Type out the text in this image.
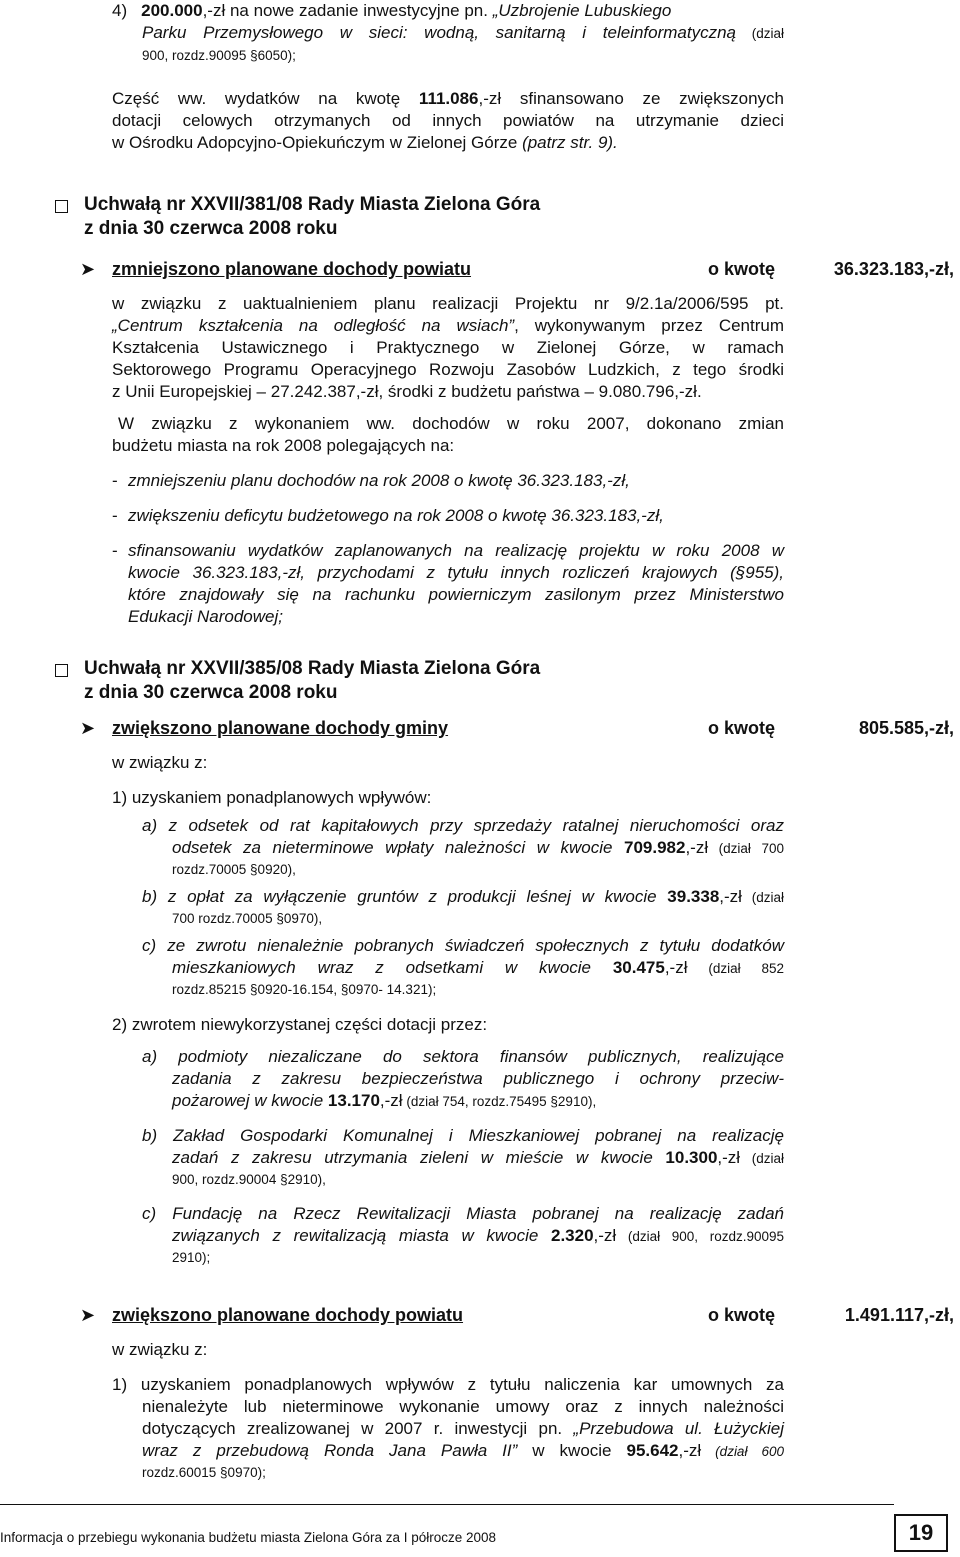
4) 200.000,-zł na nowe zadanie inwestycyjne pn. „Uzbrojenie Lubuskiego
Parku Przemysłowego w sieci: wodną, sanitarną i teleinformatyczną (dział
900, rozdz.90095 §6050);
Część ww. wydatków na kwotę 111.086,-zł sfinansowano ze zwiększonych
dotacji celowych otrzymanych od innych powiatów na utrzymanie dzieci
w Ośrodku Adopcyjno-Opiekuńczym w Zielonej Górze (patrz str. 9).
Uchwałą nr XXVII/381/08 Rady Miasta Zielona Góra
z dnia 30 czerwca 2008 roku
➤ zmniejszono planowane dochody powiatu	o kwotę	36.323.183,-zł,
w związku z uaktualnieniem planu realizacji Projektu nr 9/2.1a/2006/595 pt.
„Centrum kształcenia na odległość na wsiach”, wykonywanym przez Centrum
Kształcenia Ustawicznego i Praktycznego w Zielonej Górze, w ramach
Sektorowego Programu Operacyjnego Rozwoju Zasobów Ludzkich, z tego środki
z Unii Europejskiej – 27.242.387,-zł, środki z budżetu państwa – 9.080.796,-zł.
W związku z wykonaniem ww. dochodów w roku 2007, dokonano zmian
budżetu miasta na rok 2008 polegających na:
- zmniejszeniu planu dochodów na rok 2008 o kwotę 36.323.183,-zł,
- zwiększeniu deficytu budżetowego na rok 2008 o kwotę 36.323.183,-zł,
- sfinansowaniu wydatków zaplanowanych na realizację projektu w roku 2008 w
kwocie 36.323.183,-zł, przychodami z tytułu innych rozliczeń krajowych (§955),
które znajdowały się na rachunku powierniczym zasilonym przez Ministerstwo
Edukacji Narodowej;
Uchwałą nr XXVII/385/08 Rady Miasta Zielona Góra
z dnia 30 czerwca 2008 roku
➤ zwiększono planowane dochody gminy	o kwotę	805.585,-zł,
w związku z:
1) uzyskaniem ponadplanowych wpływów:
a) z odsetek od rat kapitałowych przy sprzedaży ratalnej nieruchomości oraz
odsetek za nieterminowe wpłaty należności w kwocie 709.982,-zł (dział 700
rozdz.70005 §0920),
b) z opłat za wyłączenie gruntów z produkcji leśnej w kwocie 39.338,-zł (dział
700 rozdz.70005 §0970),
c) ze zwrotu nienależnie pobranych świadczeń społecznych z tytułu dodatków
mieszkaniowych wraz z odsetkami w kwocie 30.475,-zł (dział 852
rozdz.85215 §0920-16.154, §0970- 14.321);
2) zwrotem niewykorzystanej części dotacji przez:
a) podmioty niezaliczane do sektora finansów publicznych, realizujące
zadania z zakresu bezpieczeństwa publicznego i ochrony przeciw-
pożarowej w kwocie 13.170,-zł (dział 754, rozdz.75495 §2910),
b) Zakład Gospodarki Komunalnej i Mieszkaniowej pobranej na realizację
zadań z zakresu utrzymania zieleni w mieście w kwocie 10.300,-zł (dział
900, rozdz.90004 §2910),
c) Fundację na Rzecz Rewitalizacji Miasta pobranej na realizację zadań
związanych z rewitalizacją miasta w kwocie 2.320,-zł (dział 900, rozdz.90095
2910);
➤ zwiększono planowane dochody powiatu	o kwotę	1.491.117,-zł,
w związku z:
1) uzyskaniem ponadplanowych wpływów z tytułu naliczenia kar umownych za
nienależyte lub nieterminowe wykonanie umowy oraz z innych należności
dotyczących zrealizowanej w 2007 r. inwestycji pn. „Przebudowa ul. Łużyckiej
wraz z przebudową Ronda Jana Pawła II” w kwocie 95.642,-zł (dział 600
rozdz.60015 §0970);
Informacja o przebiegu wykonania budżetu miasta Zielona Góra za I półrocze 2008	19
